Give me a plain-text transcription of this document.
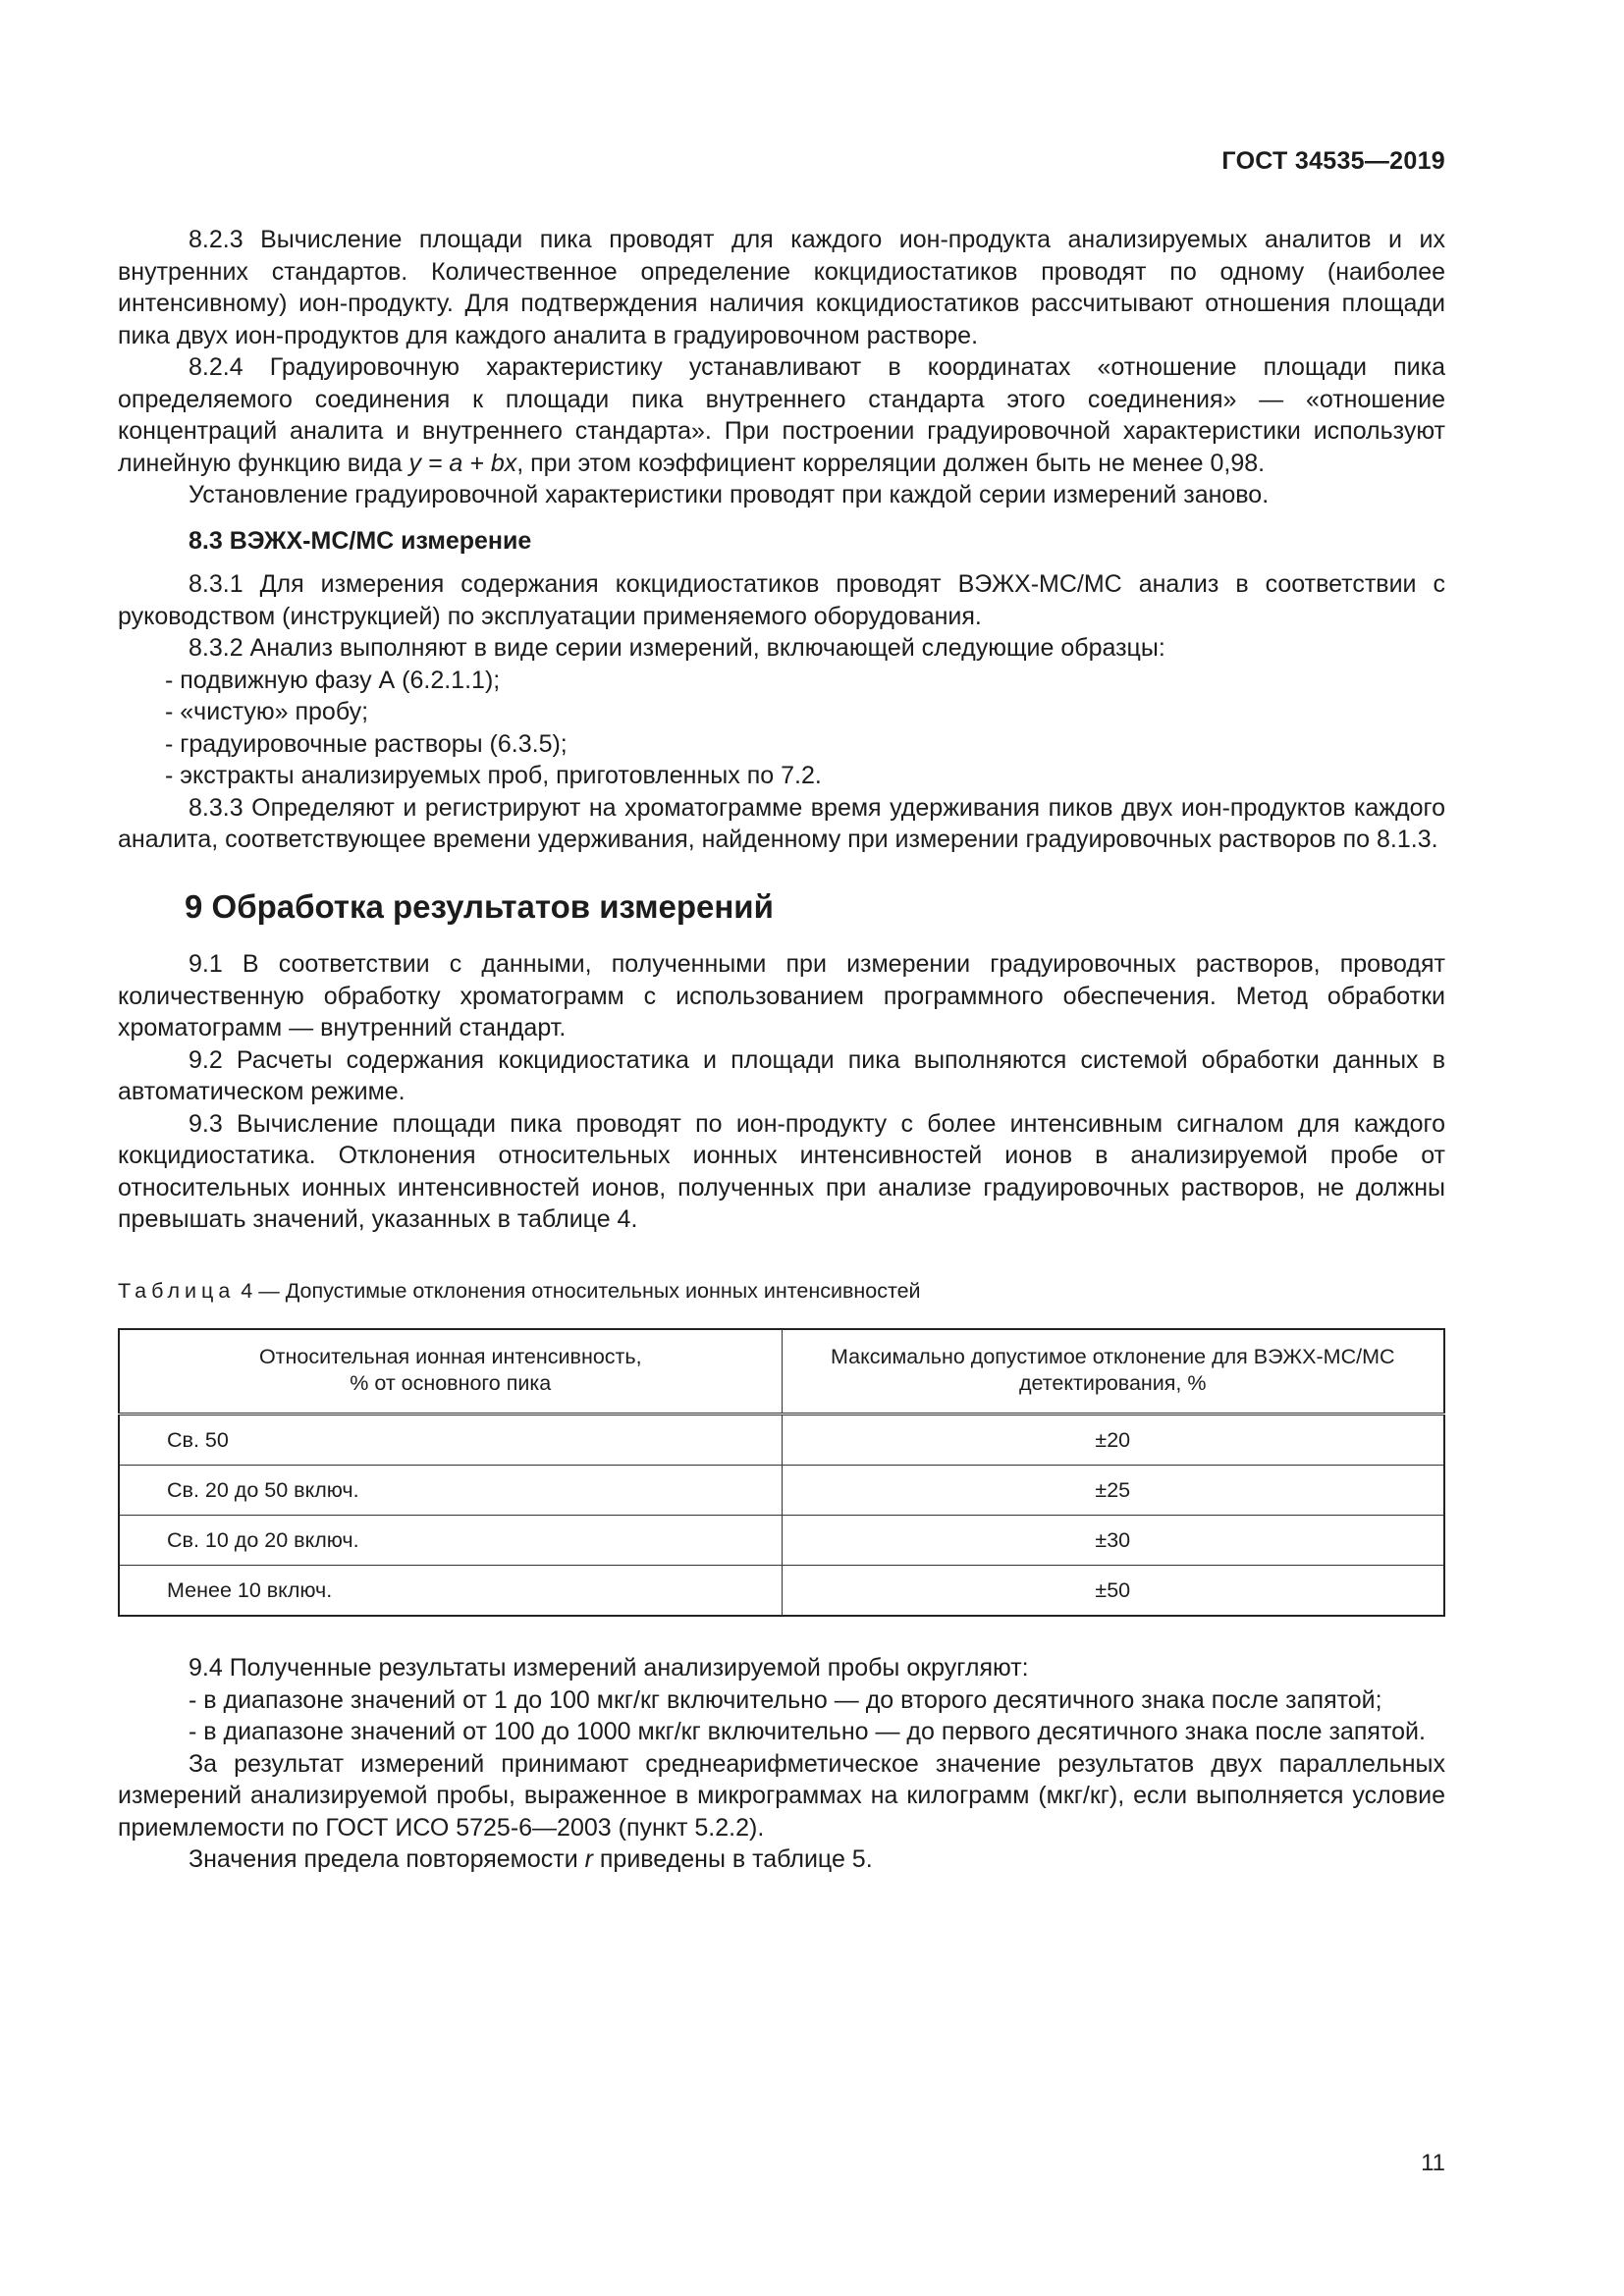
ГОСТ 34535—2019

8.2.3 Вычисление площади пика проводят для каждого ион-продукта анализируемых аналитов и их внутренних стандартов. Количественное определение кокцидиостатиков проводят по одному (наиболее интенсивному) ион-продукту. Для подтверждения наличия кокцидиостатиков рассчитывают отношения площади пика двух ион-продуктов для каждого аналита в градуировочном растворе.

8.2.4 Градуировочную характеристику устанавливают в координатах «отношение площади пика определяемого соединения к площади пика внутреннего стандарта этого соединения» — «отношение концентраций аналита и внутреннего стандарта». При построении градуировочной характеристики используют линейную функцию вида y = a + bx, при этом коэффициент корреляции должен быть не менее 0,98.

Установление градуировочной характеристики проводят при каждой серии измерений заново.

8.3 ВЭЖХ-МС/МС измерение

8.3.1 Для измерения содержания кокцидиостатиков проводят ВЭЖХ-МС/МС анализ в соответствии с руководством (инструкцией) по эксплуатации применяемого оборудования.

8.3.2 Анализ выполняют в виде серии измерений, включающей следующие образцы:

- подвижную фазу А (6.2.1.1);

- «чистую» пробу;

- градуировочные растворы (6.3.5);

- экстракты анализируемых проб, приготовленных по 7.2.

8.3.3 Определяют и регистрируют на хроматограмме время удерживания пиков двух ион-продуктов каждого аналита, соответствующее времени удерживания, найденному при измерении градуировочных растворов по 8.1.3.

9 Обработка результатов измерений

9.1 В соответствии с данными, полученными при измерении градуировочных растворов, проводят количественную обработку хроматограмм с использованием программного обеспечения. Метод обработки хроматограмм — внутренний стандарт.

9.2 Расчеты содержания кокцидиостатика и площади пика выполняются системой обработки данных в автоматическом режиме.

9.3 Вычисление площади пика проводят по ион-продукту с более интенсивным сигналом для каждого кокцидиостатика. Отклонения относительных ионных интенсивностей ионов в анализируемой пробе от относительных ионных интенсивностей ионов, полученных при анализе градуировочных растворов, не должны превышать значений, указанных в таблице 4.

Таблица 4 — Допустимые отклонения относительных ионных интенсивностей
Относительная ионная интенсивность,
% от основного пика	Максимально допустимое отклонение для ВЭЖХ-МС/МС
детектирования, %
Св. 50	±20
Св. 20 до 50 включ.	±25
Св. 10 до 20 включ.	±30
Менее 10 включ.	±50

9.4 Полученные результаты измерений анализируемой пробы округляют:

- в диапазоне значений от 1 до 100 мкг/кг включительно — до второго десятичного знака после запятой;

- в диапазоне значений от 100 до 1000 мкг/кг включительно — до первого десятичного знака после запятой.

За результат измерений принимают среднеарифметическое значение результатов двух параллельных измерений анализируемой пробы, выраженное в микрограммах на килограмм (мкг/кг), если выполняется условие приемлемости по ГОСТ ИСО 5725-6—2003 (пункт 5.2.2).

Значения предела повторяемости r приведены в таблице 5.

11
